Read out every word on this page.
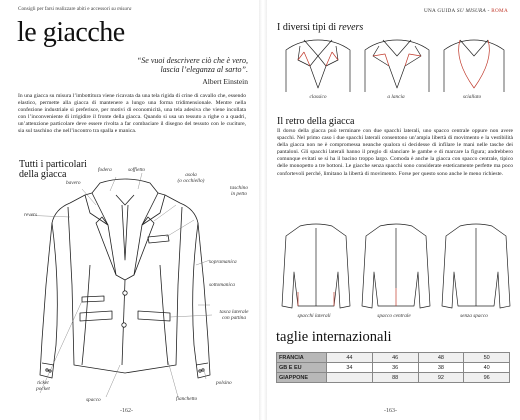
Consigli per farsi realizzare abiti e accessori su misura
le giacche
“Se vuoi descrivere ciò che è vero,
lascia l’eleganza al sarto”.
Albert Einstein

In una giacca su misura l’imbottitura viene ricavata da una tela rigida di crine di cavallo che, essendo elastico, permette alla giacca di mantenere a lungo una forma tridimensionale. Mentre nella confezione industriale si preferisce, per motivi di economicità, una tela adesiva che viene incollata con l’inconveniente di irrigidire il fronte della giacca. Quando si usa un tessuto a righe o a quadri, un’attenzione particolare deve essere rivolta a far combaciare il disegno del tessuto con le cuciture, sia sul taschino che nell’incontro tra spalla e manica.

Tutti i particolari della giacca	fodera	soffietto
bavero
asola
(o occhiello)
taschino
in petto
revers
sopramanica
sottomanica
tasca laterale
con pattina
ticket
pocket
spacco	fianchetto
polsino
-162-
UNA GUIDA SU MISURA - ROMA
I diversi tipi di revers
classico	a lancia	sciallato
Il retro della giacca

Il dorso della giacca può terminare con due spacchi laterali, uno spacco centrale oppure non avere spacchi. Nel primo caso i due spacchi laterali consentono un’ampia libertà di movimento e la vestibilità della giacca non ne è compromessa neanche qualora si decidesse di infilare le mani nelle tasche dei pantaloni. Gli spacchi laterali hanno il pregio di slanciare le gambe e di marcare la figura; andrebbero comunque evitati se si ha il bacino troppo largo. Comoda è anche la giacca con spacco centrale, tipico delle monopetto a tre bottoni. Le giacche senza spacchi sono considerate esteticamente perfette ma poco confortevoli perché, limitano la libertà di movimento. Forse per questo sono anche le meno richieste.

spacchi laterali	spacco centrale	senza spacco
taglie internazionali
FRANCIA	44	46	48	50
GB E EU	34	36	38	40
GIAPPONE		88	92	96
-163-
